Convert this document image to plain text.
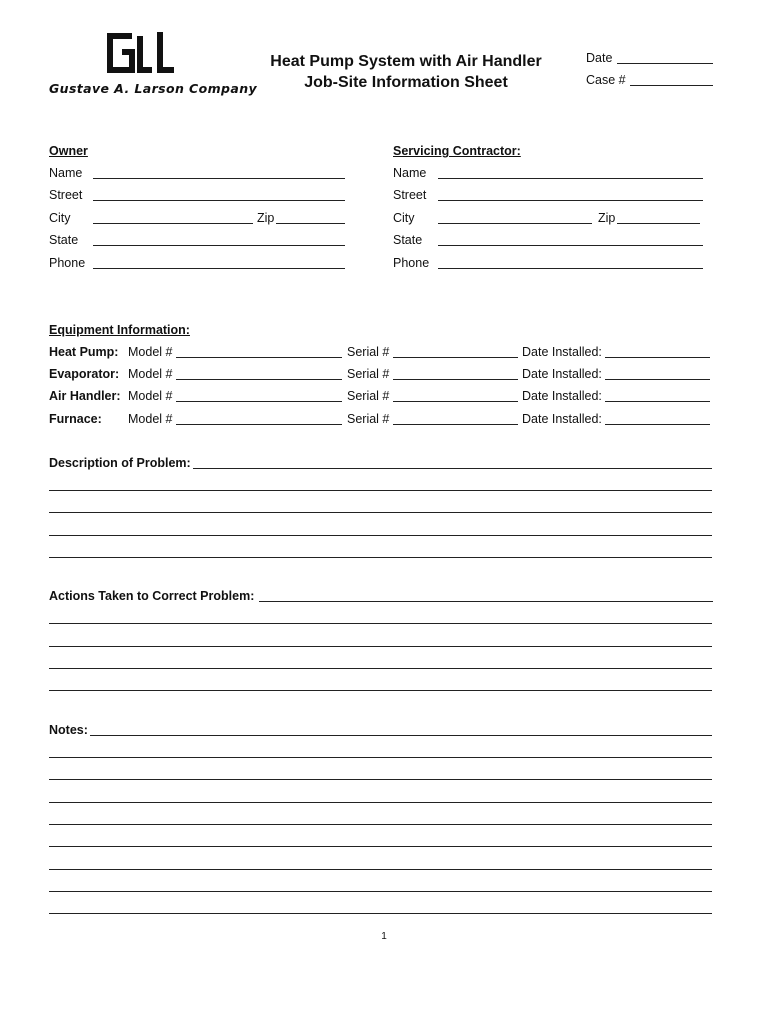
Gustave A. Larson Company
Heat Pump System with Air Handler
Job-Site Information Sheet
Date
Case #
Owner
Name
Street
City	Zip
State
Phone
Servicing Contractor:
Name
Street
City	Zip
State
Phone
Equipment Information:
Heat Pump: Model #	Serial #	Date Installed:
Evaporator: Model #	Serial #	Date Installed:
Air Handler: Model #	Serial #	Date Installed:
Furnace: Model #	Serial #	Date Installed:
Description of Problem:
Actions Taken to Correct Problem:
Notes:
1
